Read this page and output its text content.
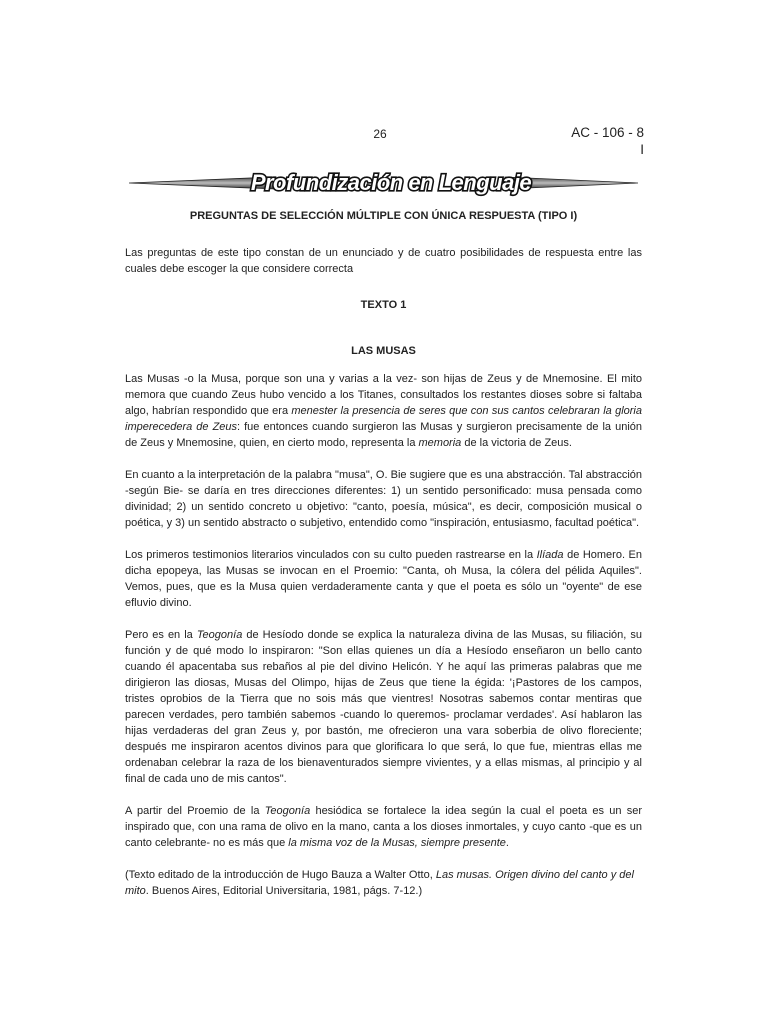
26	AC - 106 - 8
I
Profundización en Lenguaje

PREGUNTAS DE SELECCIÓN MÚLTIPLE CON ÚNICA RESPUESTA (TIPO I)

Las preguntas de este tipo constan de un enunciado y de cuatro posibilidades de respuesta entre las cuales debe escoger la que considere correcta

TEXTO 1

LAS MUSAS

Las Musas -o la Musa, porque son una y varias a la vez- son hijas de Zeus y de Mnemosine. El mito memora que cuando Zeus hubo vencido a los Titanes, consultados los restantes dioses sobre si faltaba algo, habrían respondido que era menester la presencia de seres que con sus cantos celebraran la gloria imperecedera de Zeus: fue entonces cuando surgieron las Musas y surgieron precisamente de la unión de Zeus y Mnemosine, quien, en cierto modo, representa la memoria de la victoria de Zeus.

En cuanto a la interpretación de la palabra "musa", O. Bie sugiere que es una abstracción. Tal abstracción -según Bie- se daría en tres direcciones diferentes: 1) un sentido personificado: musa pensada como divinidad; 2) un sentido concreto u objetivo: "canto, poesía, música", es decir, composición musical o poética, y 3) un sentido abstracto o subjetivo, entendido como "inspiración, entusiasmo, facultad poética".

Los primeros testimonios literarios vinculados con su culto pueden rastrearse en la Ilíada de Homero. En dicha epopeya, las Musas se invocan en el Proemio: "Canta, oh Musa, la cólera del pélida Aquiles". Vemos, pues, que es la Musa quien verdaderamente canta y que el poeta es sólo un "oyente" de ese efluvio divino.

Pero es en la Teogonía de Hesíodo donde se explica la naturaleza divina de las Musas, su filiación, su función y de qué modo lo inspiraron: "Son ellas quienes un día a Hesíodo enseñaron un bello canto cuando él apacentaba sus rebaños al pie del divino Helicón. Y he aquí las primeras palabras que me dirigieron las diosas, Musas del Olimpo, hijas de Zeus que tiene la égida: '¡Pastores de los campos, tristes oprobios de la Tierra que no sois más que vientres! Nosotras sabemos contar mentiras que parecen verdades, pero también sabemos -cuando lo queremos- proclamar verdades'. Así hablaron las hijas verdaderas del gran Zeus y, por bastón, me ofrecieron una vara soberbia de olivo floreciente; después me inspiraron acentos divinos para que glorificara lo que será, lo que fue, mientras ellas me ordenaban celebrar la raza de los bienaventurados siempre vivientes, y a ellas mismas, al principio y al final de cada uno de mis cantos".

A partir del Proemio de la Teogonía hesiódica se fortalece la idea según la cual el poeta es un ser inspirado que, con una rama de olivo en la mano, canta a los dioses inmortales, y cuyo canto -que es un canto celebrante- no es más que la misma voz de la Musas, siempre presente.

(Texto editado de la introducción de Hugo Bauza a Walter Otto, Las musas. Origen divino del canto y del mito. Buenos Aires, Editorial Universitaria, 1981, págs. 7-12.)
